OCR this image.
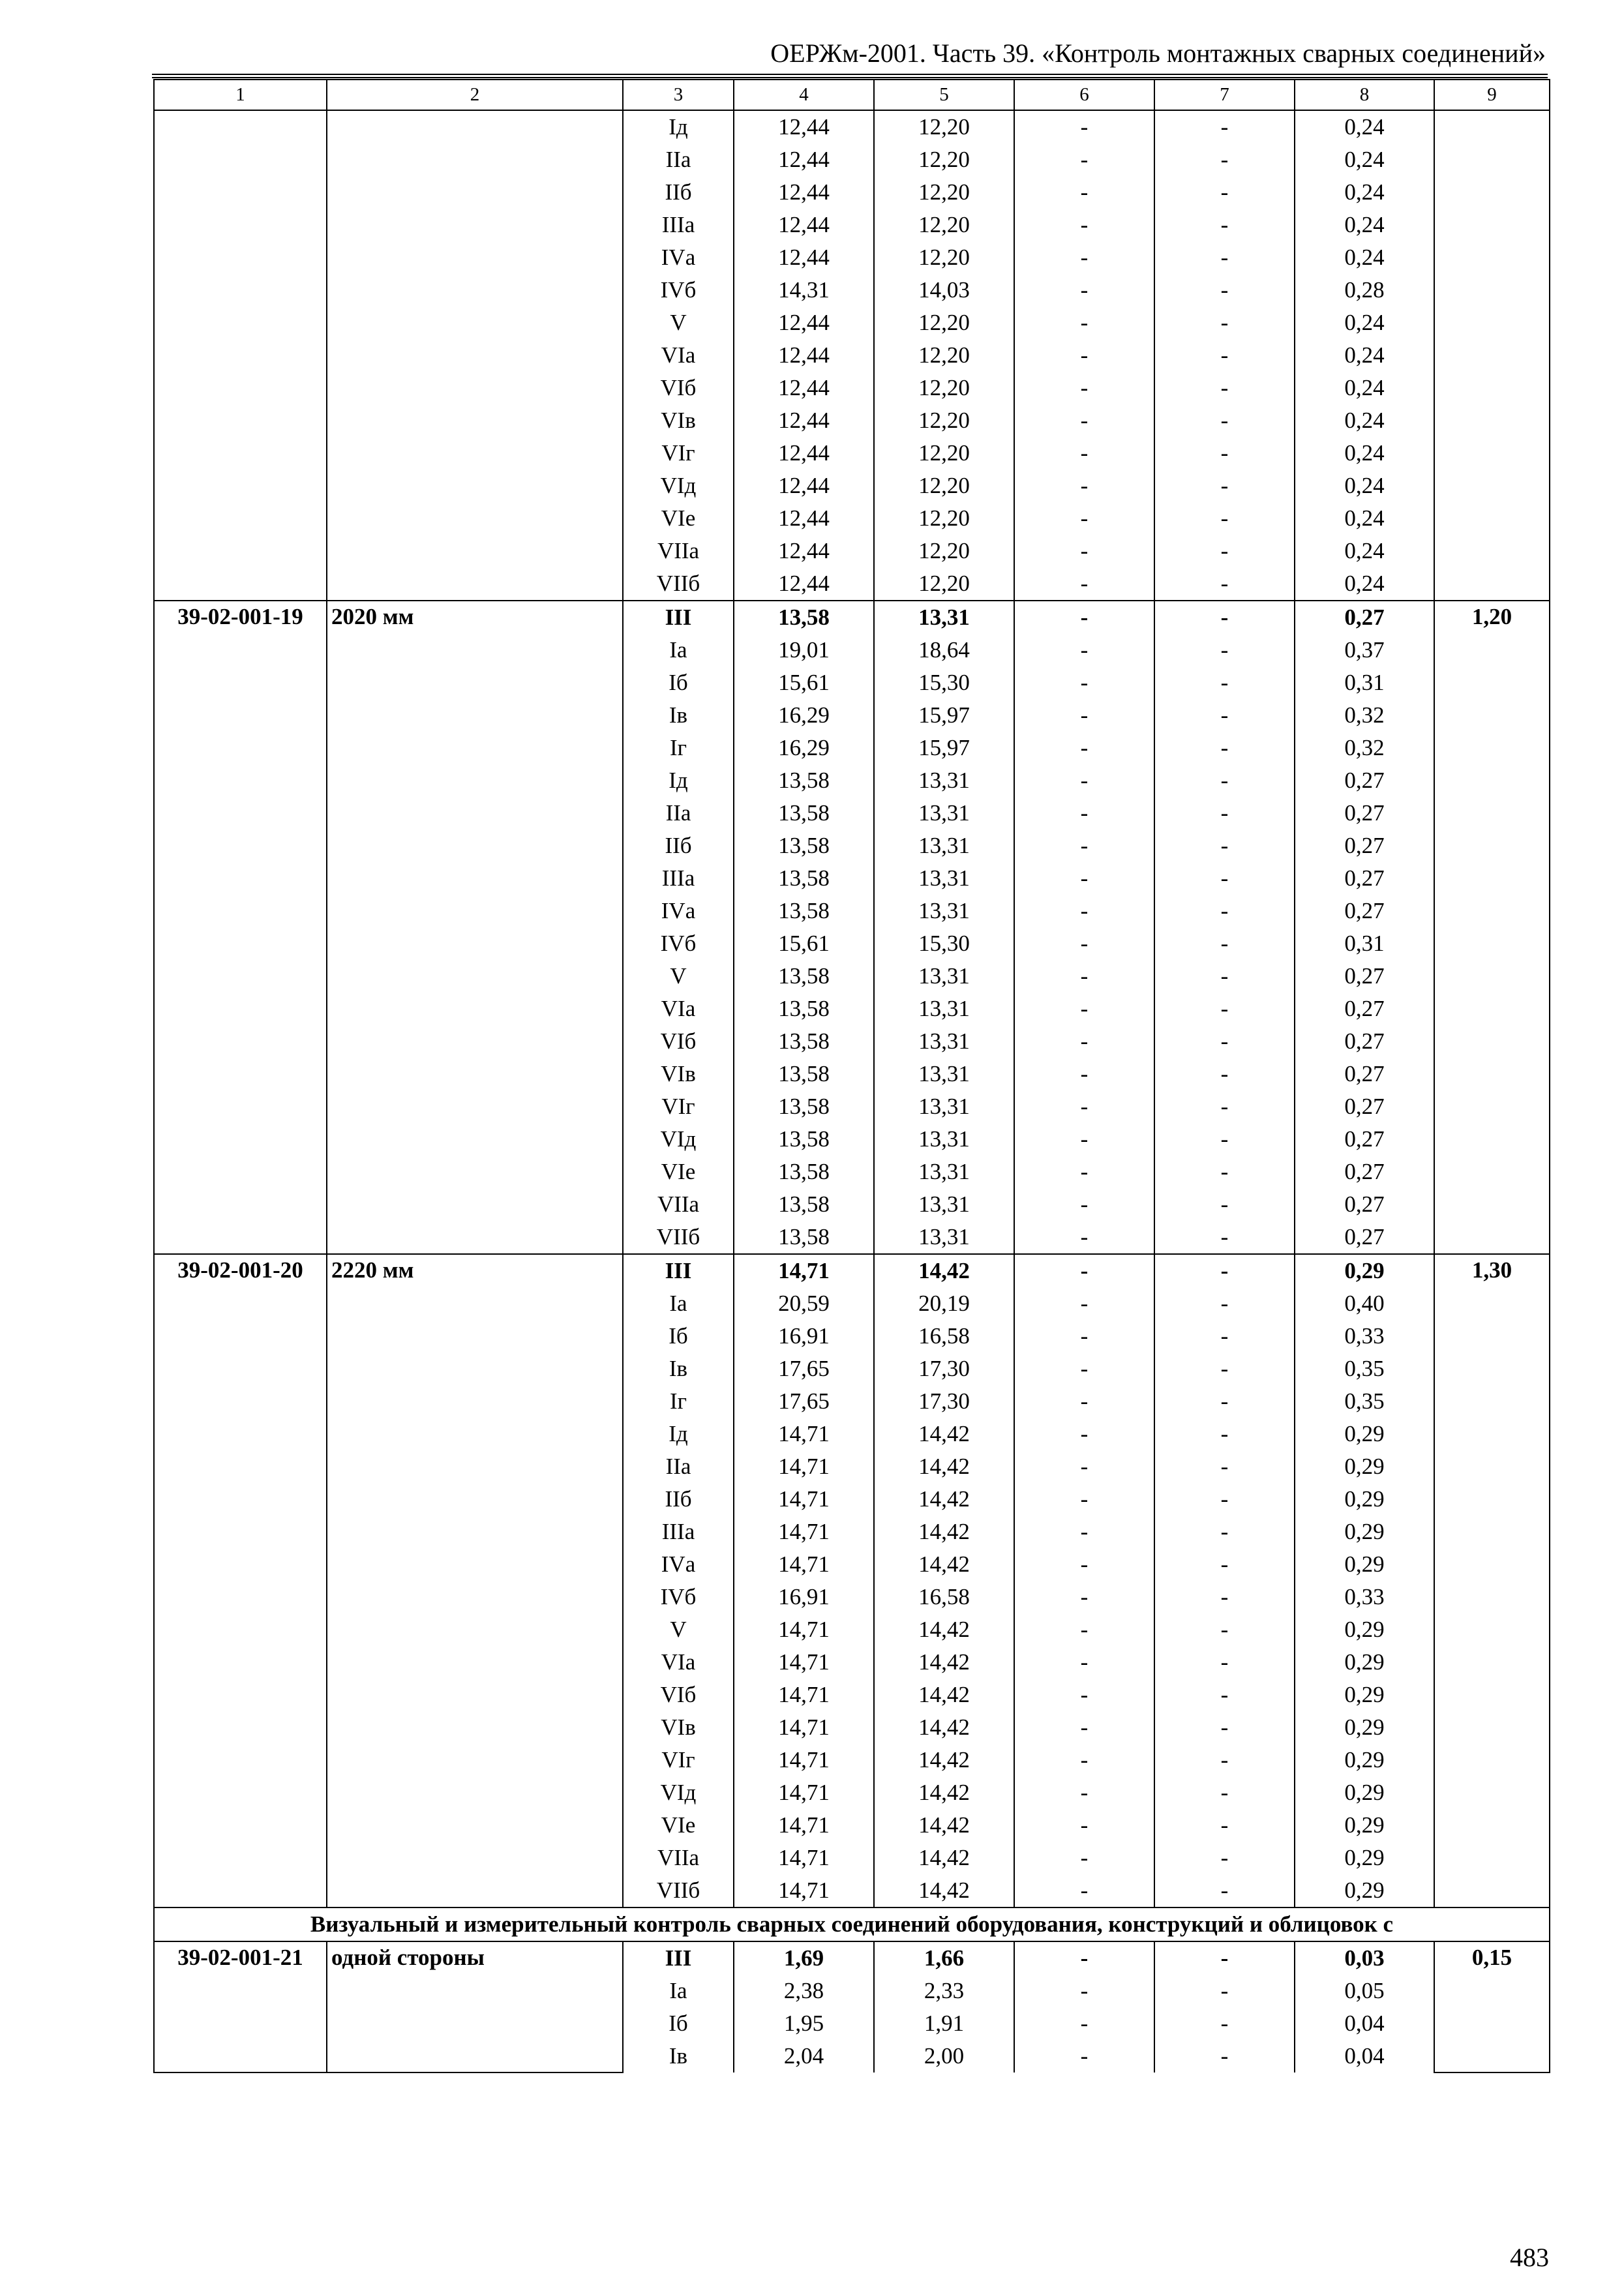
ОЕРЖм-2001. Часть 39. «Контроль монтажных сварных соединений»
1	2	3	4	5	6	7	8	9
		Iд	12,44	12,20	-	-	0,24	
		IIа	12,44	12,20	-	-	0,24	
		IIб	12,44	12,20	-	-	0,24	
		IIIа	12,44	12,20	-	-	0,24	
		IVа	12,44	12,20	-	-	0,24	
		IVб	14,31	14,03	-	-	0,28	
		V	12,44	12,20	-	-	0,24	
		VIа	12,44	12,20	-	-	0,24	
		VIб	12,44	12,20	-	-	0,24	
		VIв	12,44	12,20	-	-	0,24	
		VIг	12,44	12,20	-	-	0,24	
		VIд	12,44	12,20	-	-	0,24	
		VIе	12,44	12,20	-	-	0,24	
		VIIа	12,44	12,20	-	-	0,24	
		VIIб	12,44	12,20	-	-	0,24	
39-02-001-19	2020 мм	III	13,58	13,31	-	-	0,27	1,20
		Iа	19,01	18,64	-	-	0,37	
		Iб	15,61	15,30	-	-	0,31	
		Iв	16,29	15,97	-	-	0,32	
		Iг	16,29	15,97	-	-	0,32	
		Iд	13,58	13,31	-	-	0,27	
		IIа	13,58	13,31	-	-	0,27	
		IIб	13,58	13,31	-	-	0,27	
		IIIа	13,58	13,31	-	-	0,27	
		IVа	13,58	13,31	-	-	0,27	
		IVб	15,61	15,30	-	-	0,31	
		V	13,58	13,31	-	-	0,27	
		VIа	13,58	13,31	-	-	0,27	
		VIб	13,58	13,31	-	-	0,27	
		VIв	13,58	13,31	-	-	0,27	
		VIг	13,58	13,31	-	-	0,27	
		VIд	13,58	13,31	-	-	0,27	
		VIе	13,58	13,31	-	-	0,27	
		VIIа	13,58	13,31	-	-	0,27	
		VIIб	13,58	13,31	-	-	0,27	
39-02-001-20	2220 мм	III	14,71	14,42	-	-	0,29	1,30
		Iа	20,59	20,19	-	-	0,40	
		Iб	16,91	16,58	-	-	0,33	
		Iв	17,65	17,30	-	-	0,35	
		Iг	17,65	17,30	-	-	0,35	
		Iд	14,71	14,42	-	-	0,29	
		IIа	14,71	14,42	-	-	0,29	
		IIб	14,71	14,42	-	-	0,29	
		IIIа	14,71	14,42	-	-	0,29	
		IVа	14,71	14,42	-	-	0,29	
		IVб	16,91	16,58	-	-	0,33	
		V	14,71	14,42	-	-	0,29	
		VIа	14,71	14,42	-	-	0,29	
		VIб	14,71	14,42	-	-	0,29	
		VIв	14,71	14,42	-	-	0,29	
		VIг	14,71	14,42	-	-	0,29	
		VIд	14,71	14,42	-	-	0,29	
		VIе	14,71	14,42	-	-	0,29	
		VIIа	14,71	14,42	-	-	0,29	
		VIIб	14,71	14,42	-	-	0,29	
Визуальный и измерительный контроль сварных соединений оборудования, конструкций и облицовок с								
39-02-001-21	одной стороны	III	1,69	1,66	-	-	0,03	0,15
		Iа	2,38	2,33	-	-	0,05	
		Iб	1,95	1,91	-	-	0,04	
		Iв	2,04	2,00	-	-	0,04	
483
